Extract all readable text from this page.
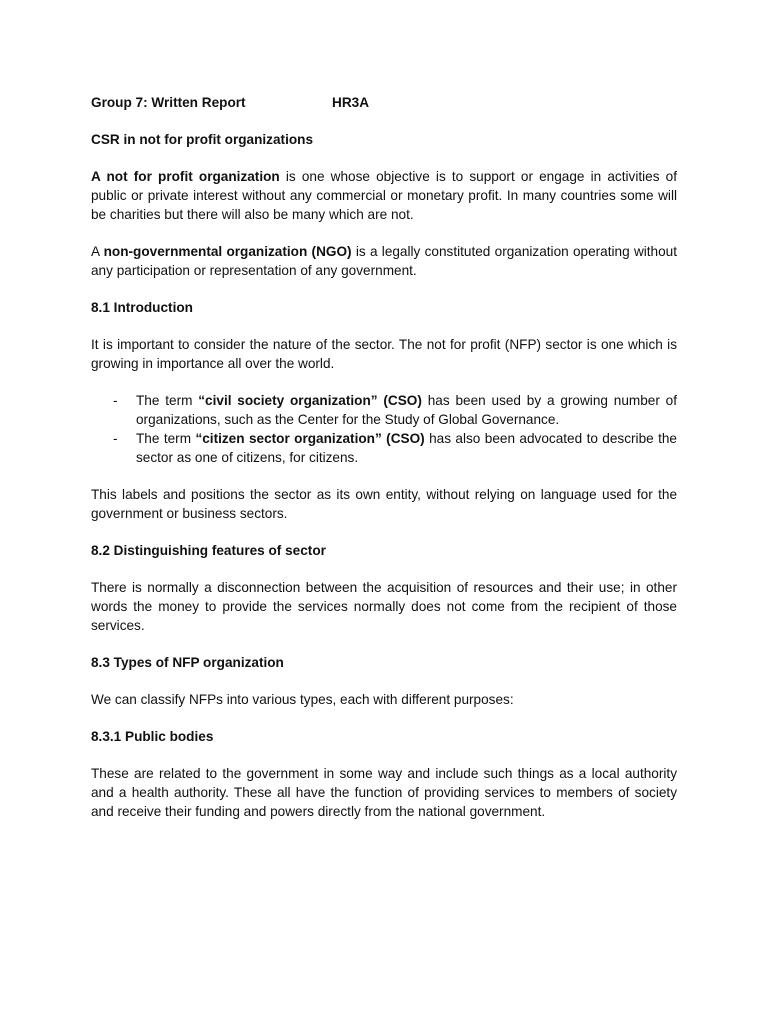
Group 7: Written Report	HR3A

CSR in not for profit organizations

A not for profit organization is one whose objective is to support or engage in activities of public or private interest without any commercial or monetary profit. In many countries some will be charities but there will also be many which are not.

A non-governmental organization (NGO) is a legally constituted organization operating without any participation or representation of any government.

8.1 Introduction

It is important to consider the nature of the sector. The not for profit (NFP) sector is one which is growing in importance all over the world.

- The term “civil society organization” (CSO) has been used by a growing number of organizations, such as the Center for the Study of Global Governance.
- The term “citizen sector organization” (CSO) has also been advocated to describe the sector as one of citizens, for citizens.

This labels and positions the sector as its own entity, without relying on language used for the government or business sectors.

8.2 Distinguishing features of sector

There is normally a disconnection between the acquisition of resources and their use; in other words the money to provide the services normally does not come from the recipient of those services.

8.3 Types of NFP organization

We can classify NFPs into various types, each with different purposes:

8.3.1 Public bodies

These are related to the government in some way and include such things as a local authority and a health authority. These all have the function of providing services to members of society and receive their funding and powers directly from the national government.
